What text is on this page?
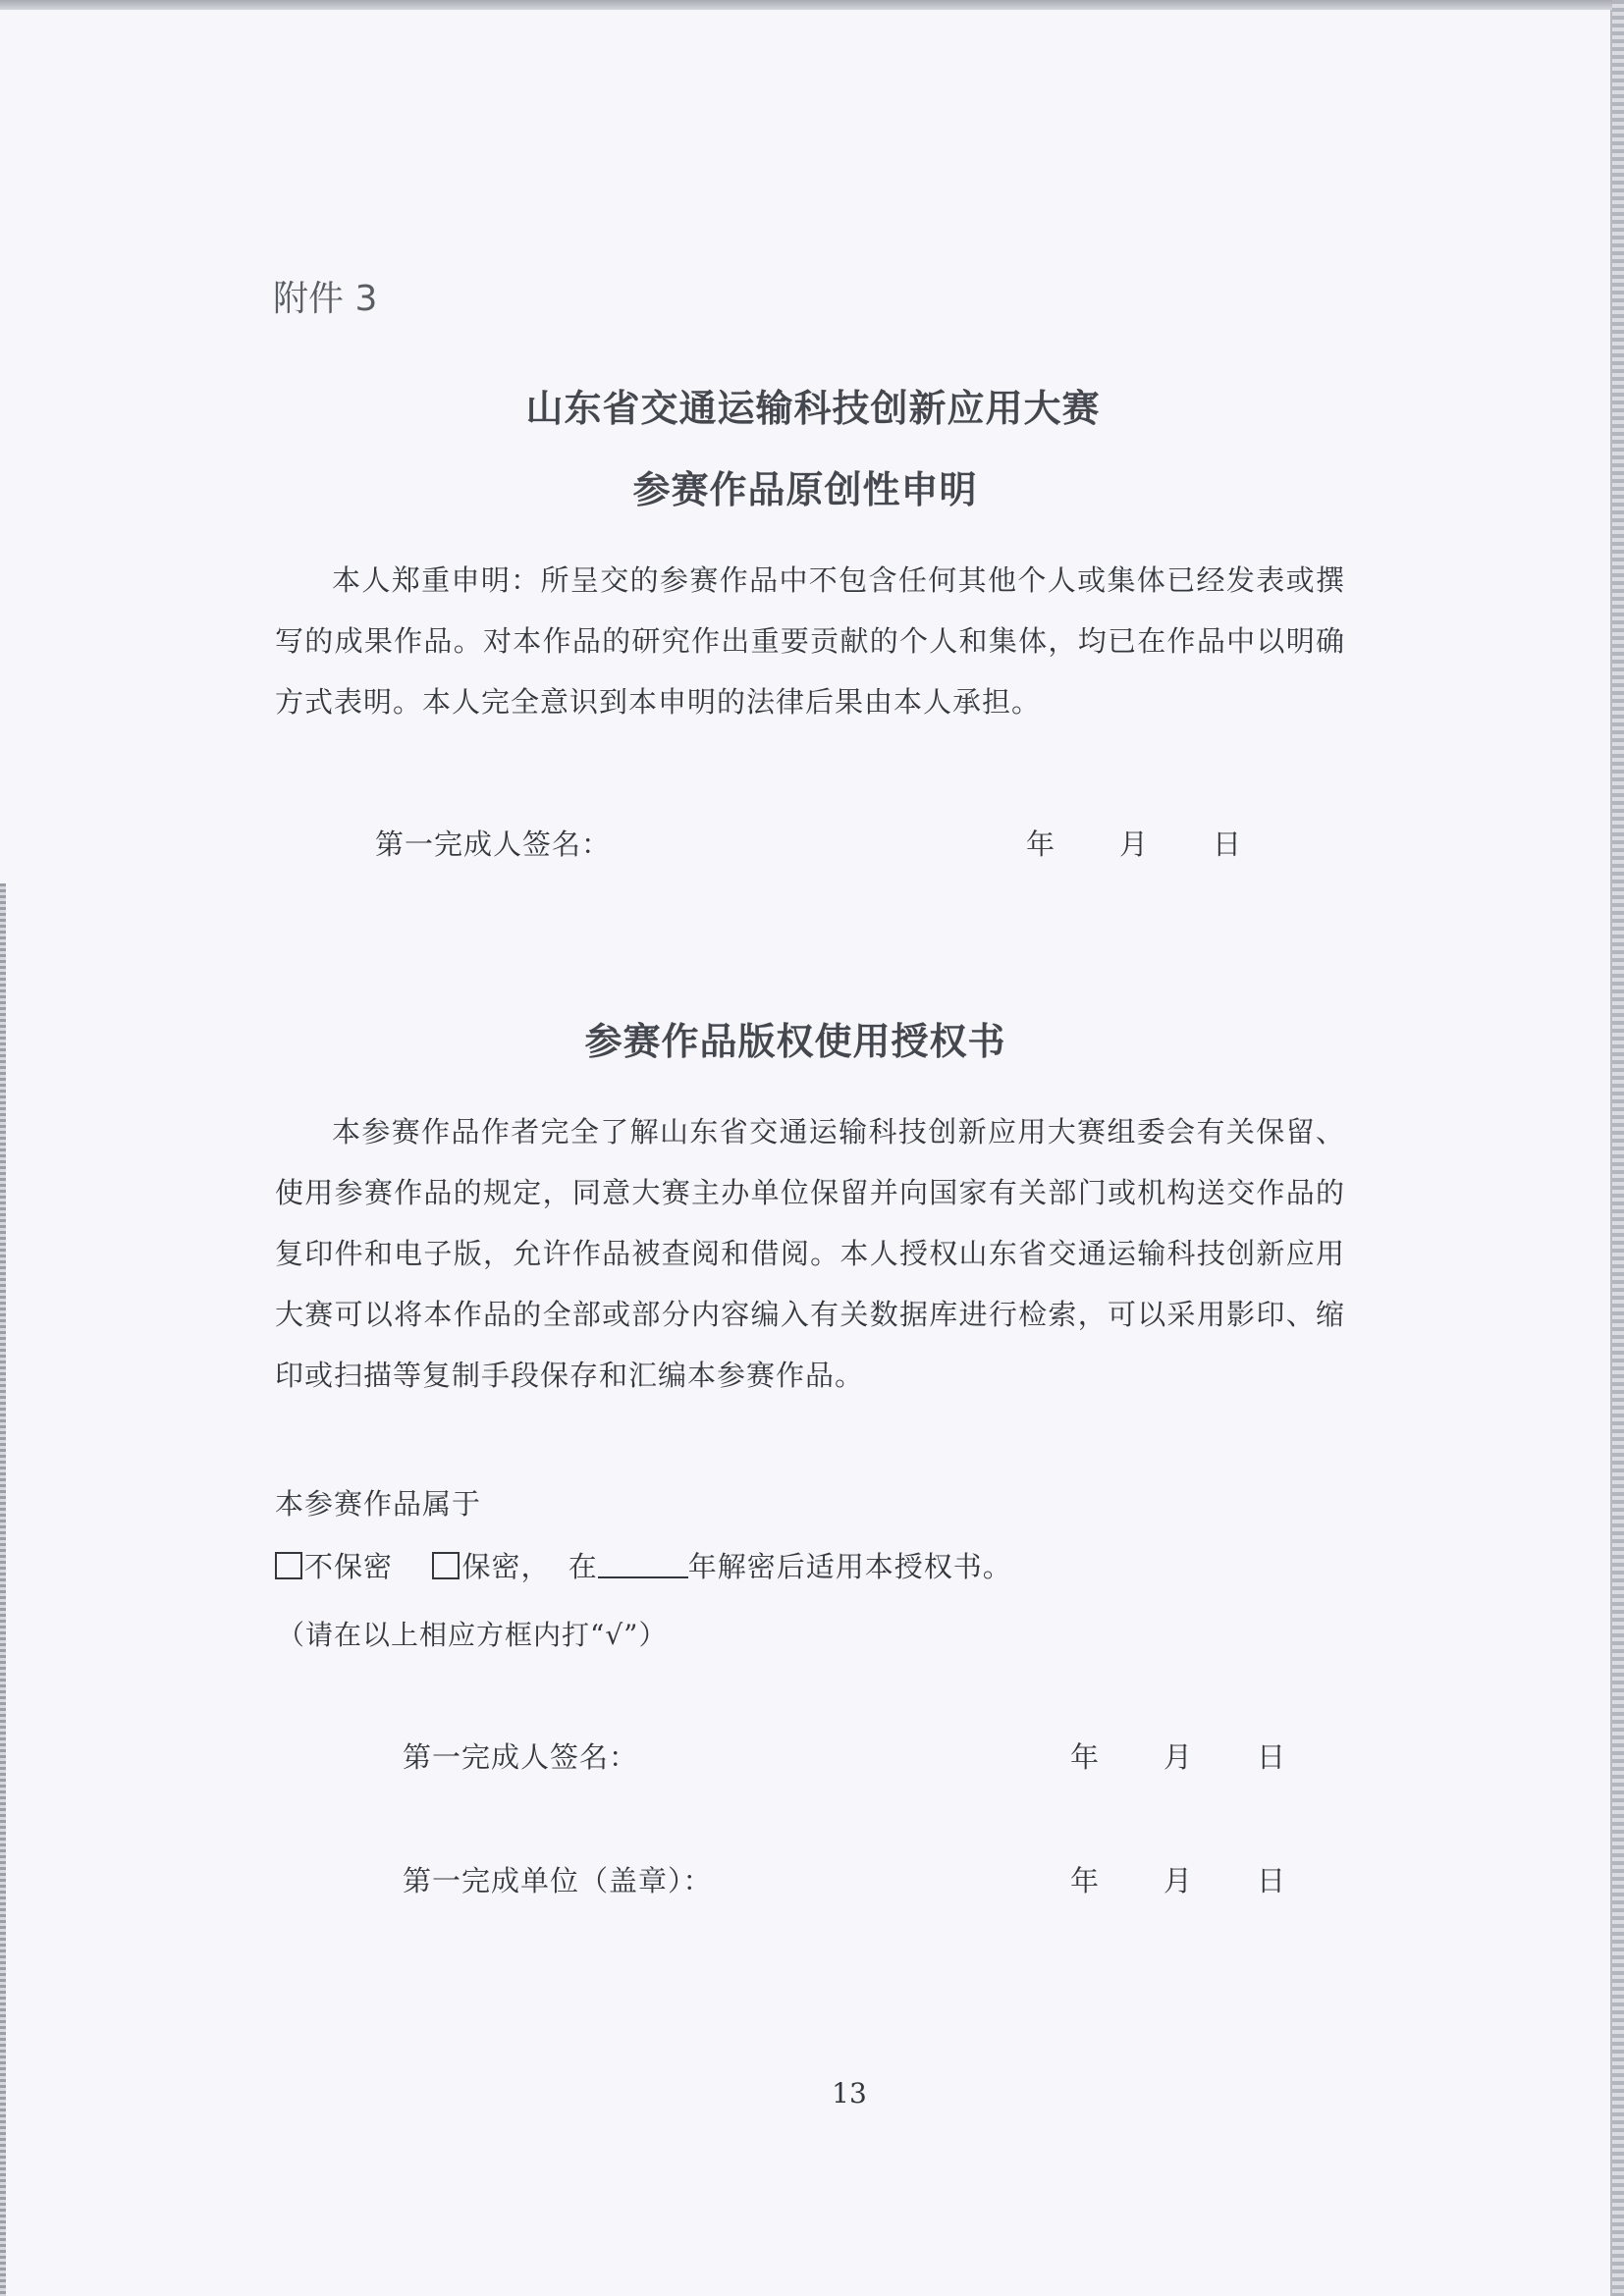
附件 3
山东省交通运输科技创新应用大赛
参赛作品原创性申明
本人郑重申明：所呈交的参赛作品中不包含任何其他个人或集体已经发表或撰写的成果作品。对本作品的研究作出重要贡献的个人和集体，均已在作品中以明确方式表明。本人完全意识到本申明的法律后果由本人承担。
第一完成人签名：	年 月 日
参赛作品版权使用授权书
本参赛作品作者完全了解山东省交通运输科技创新应用大赛组委会有关保留、使用参赛作品的规定，同意大赛主办单位保留并向国家有关部门或机构送交作品的复印件和电子版，允许作品被查阅和借阅。本人授权山东省交通运输科技创新应用大赛可以将本作品的全部或部分内容编入有关数据库进行检索，可以采用影印、缩印或扫描等复制手段保存和汇编本参赛作品。
本参赛作品属于
不保密 保密， 在	年解密后适用本授权书。
（请在以上相应方框内打“√”）
第一完成人签名：	年 月 日
第一完成单位（盖章）：	年 月 日
13
